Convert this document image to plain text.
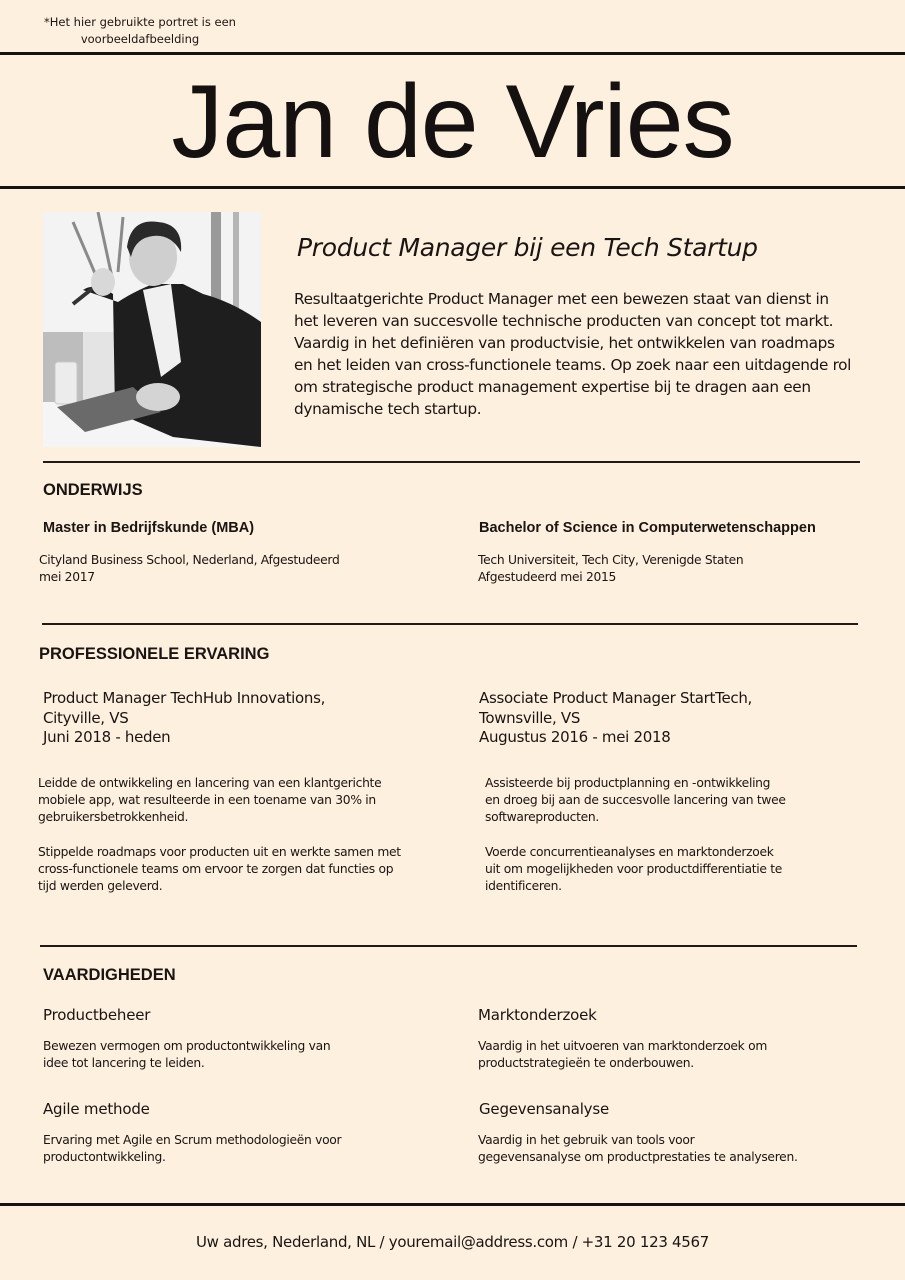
*Het hier gebruikte portret is een
voorbeeldafbeelding
Jan de Vries
Product Manager bij een Tech Startup
Resultaatgerichte Product Manager met een bewezen staat van dienst in het leveren van succesvolle technische producten van concept tot markt. Vaardig in het definiëren van productvisie, het ontwikkelen van roadmaps en het leiden van cross-functionele teams. Op zoek naar een uitdagende rol om strategische product management expertise bij te dragen aan een dynamische tech startup.
ONDERWIJS
Master in Bedrijfskunde (MBA)
Cityland Business School, Nederland, Afgestudeerd
mei 2017
Bachelor of Science in Computerwetenschappen
Tech Universiteit, Tech City, Verenigde Staten
Afgestudeerd mei 2015
PROFESSIONELE ERVARING
Product Manager TechHub Innovations,
Cityville, VS
Juni 2018 - heden
Associate Product Manager StartTech,
Townsville, VS
Augustus 2016 - mei 2018
Leidde de ontwikkeling en lancering van een klantgerichte
mobiele app, wat resulteerde in een toename van 30% in
gebruikersbetrokkenheid.
Stippelde roadmaps voor producten uit en werkte samen met
cross-functionele teams om ervoor te zorgen dat functies op
tijd werden geleverd.
Assisteerde bij productplanning en -ontwikkeling
en droeg bij aan de succesvolle lancering van twee
softwareproducten.
Voerde concurrentieanalyses en marktonderzoek
uit om mogelijkheden voor productdifferentiatie te
identificeren.
VAARDIGHEDEN
Productbeheer
Bewezen vermogen om productontwikkeling van
idee tot lancering te leiden.
Marktonderzoek
Vaardig in het uitvoeren van marktonderzoek om
productstrategieën te onderbouwen.
Agile methode
Ervaring met Agile en Scrum methodologieën voor
productontwikkeling.
Gegevensanalyse
Vaardig in het gebruik van tools voor
gegevensanalyse om productprestaties te analyseren.
Uw adres, Nederland, NL / youremail@address.com / +31 20 123 4567
